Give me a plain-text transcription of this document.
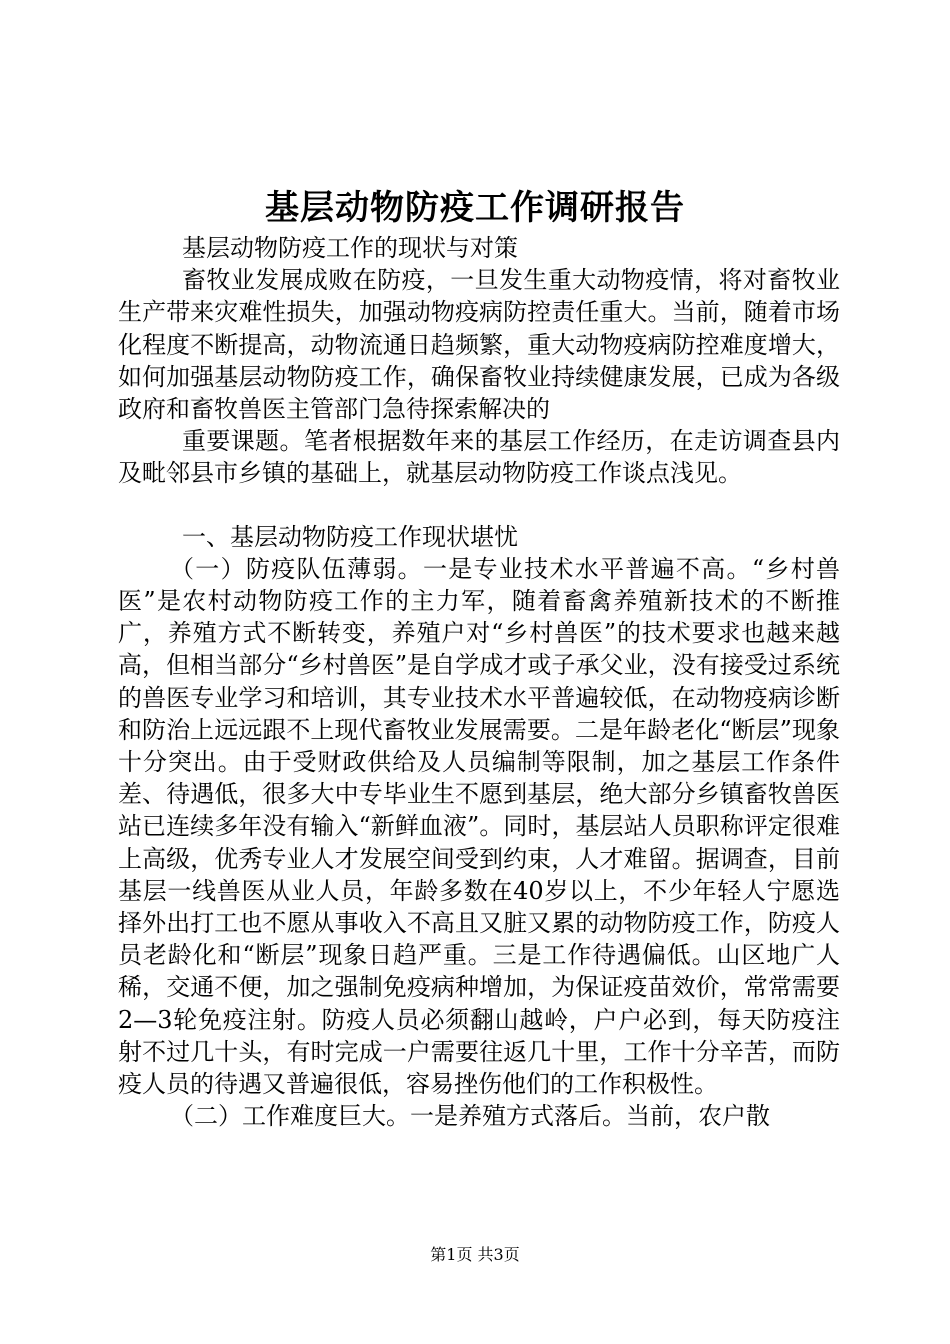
基层动物防疫工作调研报告

基层动物防疫工作的现状与对策

畜牧业发展成败在防疫，一旦发生重大动物疫情，将对畜牧业生产带来灾难性损失，加强动物疫病防控责任重大。当前，随着市场化程度不断提高，动物流通日趋频繁，重大动物疫病防控难度增大，如何加强基层动物防疫工作，确保畜牧业持续健康发展，已成为各级政府和畜牧兽医主管部门急待探索解决的

重要课题。笔者根据数年来的基层工作经历，在走访调查县内及毗邻县市乡镇的基础上，就基层动物防疫工作谈点浅见。

一、基层动物防疫工作现状堪忧

（一）防疫队伍薄弱。一是专业技术水平普遍不高。“乡村兽医”是农村动物防疫工作的主力军，随着畜禽养殖新技术的不断推广，养殖方式不断转变，养殖户对“乡村兽医”的技术要求也越来越高，但相当部分“乡村兽医”是自学成才或子承父业，没有接受过系统的兽医专业学习和培训，其专业技术水平普遍较低，在动物疫病诊断和防治上远远跟不上现代畜牧业发展需要。二是年龄老化“断层”现象十分突出。由于受财政供给及人员编制等限制，加之基层工作条件差、待遇低，很多大中专毕业生不愿到基层，绝大部分乡镇畜牧兽医站已连续多年没有输入“新鲜血液”。同时，基层站人员职称评定很难上高级，优秀专业人才发展空间受到约束，人才难留。据调查，目前基层一线兽医从业人员，年龄多数在40岁以上，不少年轻人宁愿选择外出打工也不愿从事收入不高且又脏又累的动物防疫工作，防疫人员老龄化和“断层”现象日趋严重。三是工作待遇偏低。山区地广人稀，交通不便，加之强制免疫病种增加，为保证疫苗效价，常常需要2—3轮免疫注射。防疫人员必须翻山越岭，户户必到，每天防疫注射不过几十头，有时完成一户需要往返几十里，工作十分辛苦，而防疫人员的待遇又普遍很低，容易挫伤他们的工作积极性。

（二）工作难度巨大。一是养殖方式落后。当前，农户散

第1页 共3页
